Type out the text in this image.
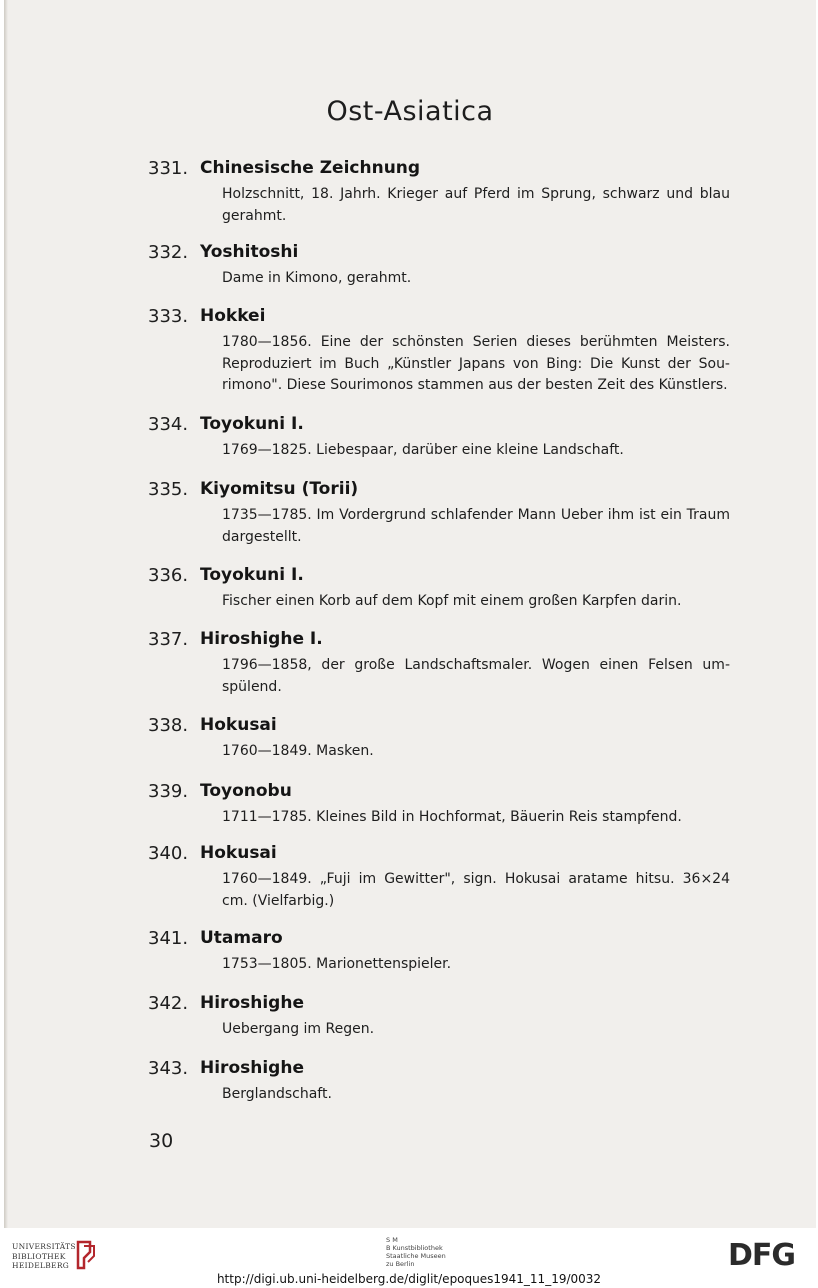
Ost-Asiatica
331. Chinesische Zeichnung
Holzschnitt, 18. Jahrh. Krieger auf Pferd im Sprung, schwarz und blau gerahmt.
332. Yoshitoshi
Dame in Kimono, gerahmt.
333. Hokkei
1780—1856. Eine der schönsten Serien dieses berühmten Meisters. Reproduziert im Buch „Künstler Japans von Bing: Die Kunst der Sou-rimono". Diese Sourimonos stammen aus der besten Zeit des Künstlers.
334. Toyokuni I.
1769—1825. Liebespaar, darüber eine kleine Landschaft.
335. Kiyomitsu (Torii)
1735—1785. Im Vordergrund schlafender Mann Ueber ihm ist ein Traum dargestellt.
336. Toyokuni I.
Fischer einen Korb auf dem Kopf mit einem großen Karpfen darin.
337. Hiroshighe I.
1796—1858, der große Landschaftsmaler. Wogen einen Felsen um-spülend.
338. Hokusai
1760—1849. Masken.
339. Toyonobu
1711—1785. Kleines Bild in Hochformat, Bäuerin Reis stampfend.
340. Hokusai
1760—1849. „Fuji im Gewitter", sign. Hokusai aratame hitsu. 36×24 cm. (Vielfarbig.)
341. Utamaro
1753—1805. Marionettenspieler.
342. Hiroshighe
Uebergang im Regen.
343. Hiroshighe
Berglandschaft.
30
UNIVERSITÄTS
BIBLIOTHEK
HEIDELBERG
S M
B Kunstbibliothek
Staatliche Museen
zu Berlin	DFG
http://digi.ub.uni-heidelberg.de/diglit/epoques1941_11_19/0032
